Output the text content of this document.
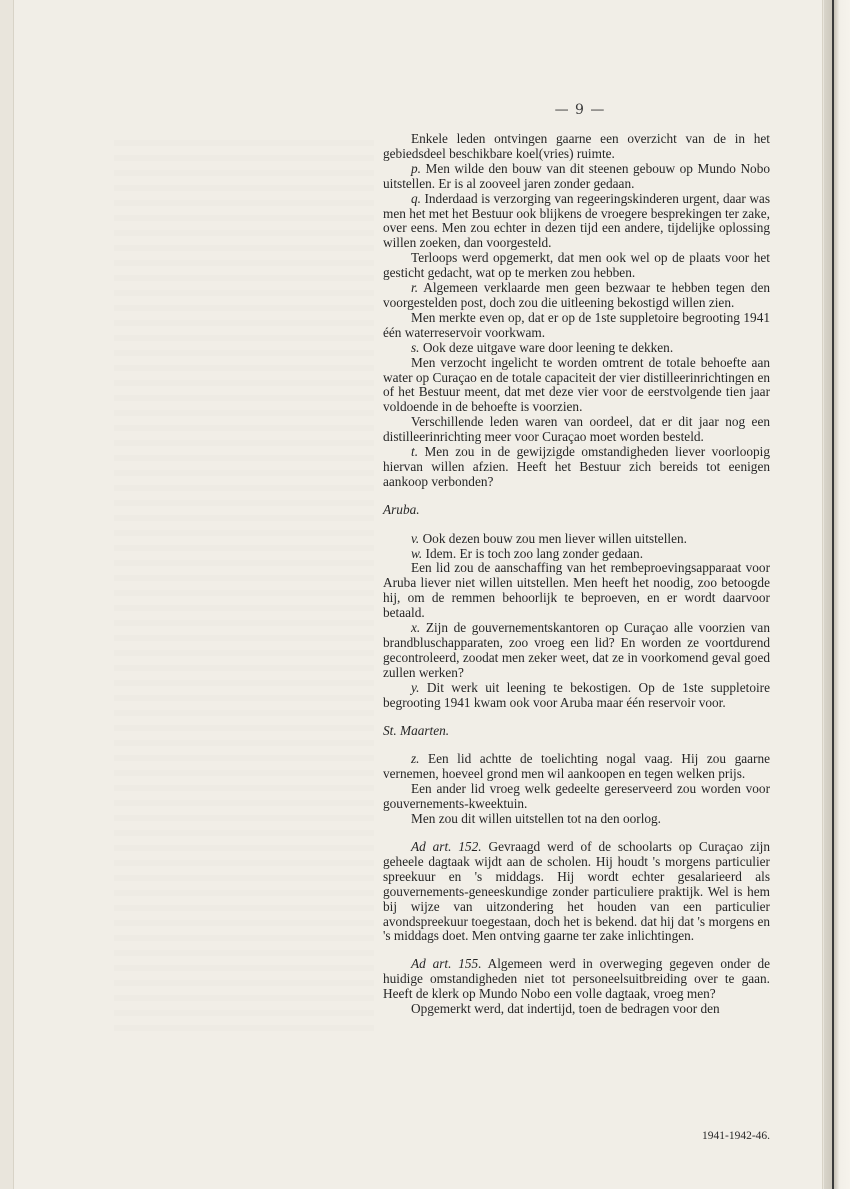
— 9 —

Enkele leden ontvingen gaarne een overzicht van de in het gebiedsdeel beschikbare koel(vries) ruimte.

p. Men wilde den bouw van dit steenen gebouw op Mundo Nobo uitstellen. Er is al zooveel jaren zonder gedaan.

q. Inderdaad is verzorging van regeeringskinderen urgent, daar was men het met het Bestuur ook blijkens de vroegere besprekingen ter zake, over eens. Men zou echter in dezen tijd een andere, tijdelijke oplossing willen zoeken, dan voorgesteld.

Terloops werd opgemerkt, dat men ook wel op de plaats voor het gesticht gedacht, wat op te merken zou hebben.

r. Algemeen verklaarde men geen bezwaar te hebben tegen den voorgestelden post, doch zou die uitleening bekostigd willen zien.

Men merkte even op, dat er op de 1ste suppletoire begrooting 1941 één waterreservoir voorkwam.

s. Ook deze uitgave ware door leening te dekken.

Men verzocht ingelicht te worden omtrent de totale behoefte aan water op Curaçao en de totale capaciteit der vier distilleerinrichtingen en of het Bestuur meent, dat met deze vier voor de eerstvolgende tien jaar voldoende in de behoefte is voorzien.

Verschillende leden waren van oordeel, dat er dit jaar nog een distilleerinrichting meer voor Curaçao moet worden besteld.

t. Men zou in de gewijzigde omstandigheden liever voorloopig hiervan willen afzien. Heeft het Bestuur zich bereids tot eenigen aankoop verbonden?

Aruba.

v. Ook dezen bouw zou men liever willen uitstellen.

w. Idem. Er is toch zoo lang zonder gedaan.

Een lid zou de aanschaffing van het rembeproevingsapparaat voor Aruba liever niet willen uitstellen. Men heeft het noodig, zoo betoogde hij, om de remmen behoorlijk te beproeven, en er wordt daarvoor betaald.

x. Zijn de gouvernementskantoren op Curaçao alle voorzien van brandbluschapparaten, zoo vroeg een lid? En worden ze voortdurend gecontroleerd, zoodat men zeker weet, dat ze in voorkomend geval goed zullen werken?

y. Dit werk uit leening te bekostigen. Op de 1ste suppletoire begrooting 1941 kwam ook voor Aruba maar één reservoir voor.

St. Maarten.

z. Een lid achtte de toelichting nogal vaag. Hij zou gaarne vernemen, hoeveel grond men wil aankoopen en tegen welken prijs.

Een ander lid vroeg welk gedeelte gereserveerd zou worden voor gouvernements-kweektuin.

Men zou dit willen uitstellen tot na den oorlog.

Ad art. 152. Gevraagd werd of de schoolarts op Curaçao zijn geheele dagtaak wijdt aan de scholen. Hij houdt 's morgens particulier spreekuur en 's middags. Hij wordt echter gesalarieerd als gouvernements-geneeskundige zonder particuliere praktijk. Wel is hem bij wijze van uitzondering het houden van een particulier avondspreekuur toegestaan, doch het is bekend. dat hij dat 's morgens en 's middags doet. Men ontving gaarne ter zake inlichtingen.

Ad art. 155. Algemeen werd in overweging gegeven onder de huidige omstandigheden niet tot personeelsuitbreiding over te gaan. Heeft de klerk op Mundo Nobo een volle dagtaak, vroeg men?

Opgemerkt werd, dat indertijd, toen de bedragen voor den

1941-1942-46.
